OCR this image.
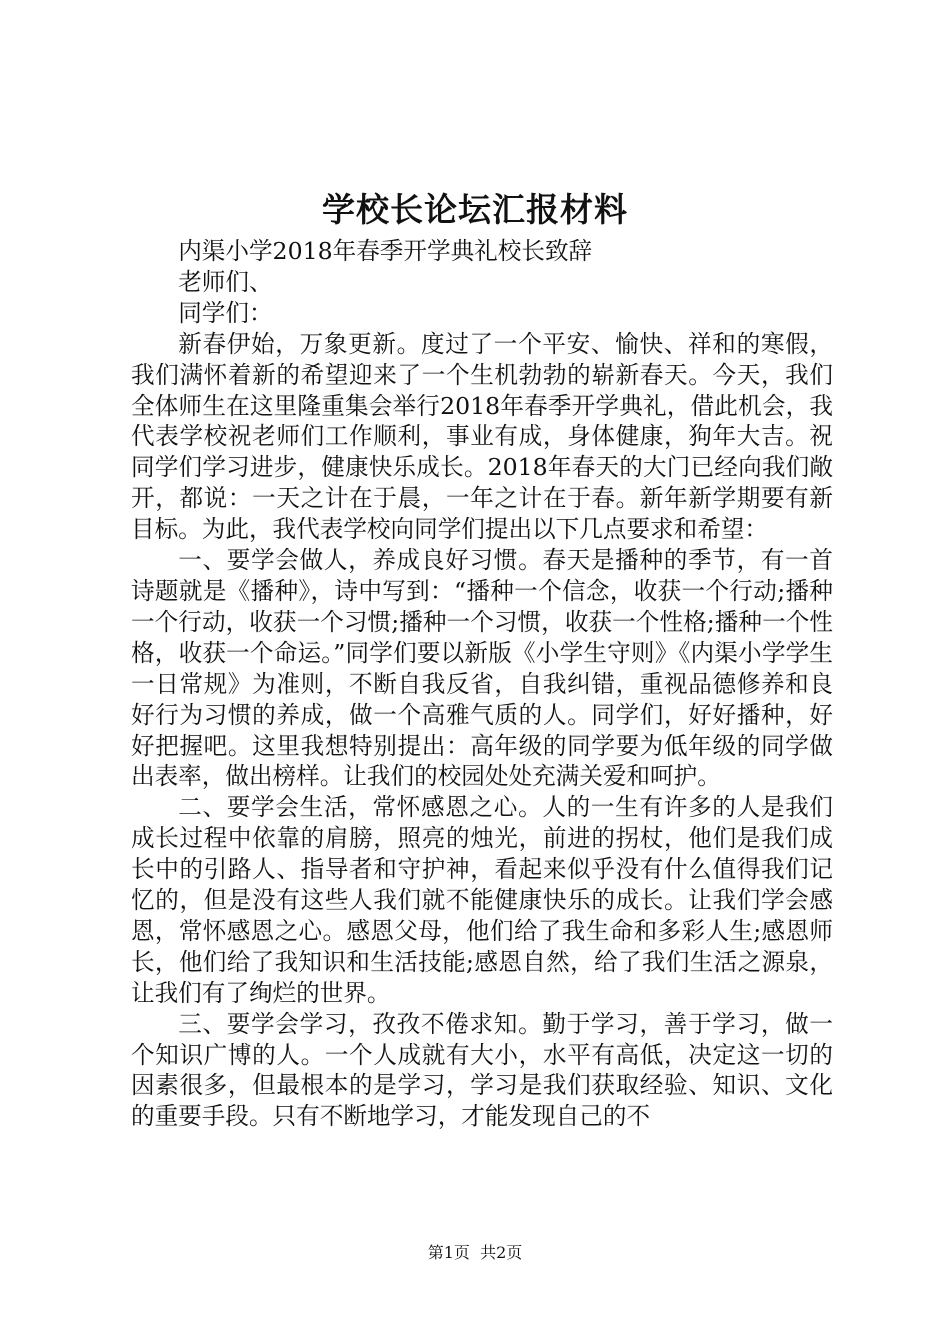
学校长论坛汇报材料

内渠小学2018年春季开学典礼校长致辞

老师们、

同学们：

新春伊始，万象更新。度过了一个平安、愉快、祥和的寒假，我们满怀着新的希望迎来了一个生机勃勃的崭新春天。今天，我们全体师生在这里隆重集会举行2018年春季开学典礼，借此机会，我代表学校祝老师们工作顺利，事业有成，身体健康，狗年大吉。祝同学们学习进步，健康快乐成长。2018年春天的大门已经向我们敞开，都说：一天之计在于晨，一年之计在于春。新年新学期要有新目标。为此，我代表学校向同学们提出以下几点要求和希望：

一、要学会做人，养成良好习惯。春天是播种的季节，有一首诗题就是《播种》，诗中写到：“播种一个信念，收获一个行动;播种一个行动，收获一个习惯;播种一个习惯，收获一个性格;播种一个性格，收获一个命运。”同学们要以新版《小学生守则》《内渠小学学生一日常规》为准则，不断自我反省，自我纠错，重视品德修养和良好行为习惯的养成，做一个高雅气质的人。同学们，好好播种，好好把握吧。这里我想特别提出：高年级的同学要为低年级的同学做出表率，做出榜样。让我们的校园处处充满关爱和呵护。

二、要学会生活，常怀感恩之心。人的一生有许多的人是我们成长过程中依靠的肩膀，照亮的烛光，前进的拐杖，他们是我们成长中的引路人、指导者和守护神，看起来似乎没有什么值得我们记忆的，但是没有这些人我们就不能健康快乐的成长。让我们学会感恩，常怀感恩之心。感恩父母，他们给了我生命和多彩人生;感恩师长，他们给了我知识和生活技能;感恩自然，给了我们生活之源泉，让我们有了绚烂的世界。

三、要学会学习，孜孜不倦求知。勤于学习，善于学习，做一个知识广博的人。一个人成就有大小，水平有高低，决定这一切的因素很多，但最根本的是学习，学习是我们获取经验、知识、文化的重要手段。只有不断地学习，才能发现自己的不

第1页  共2页
